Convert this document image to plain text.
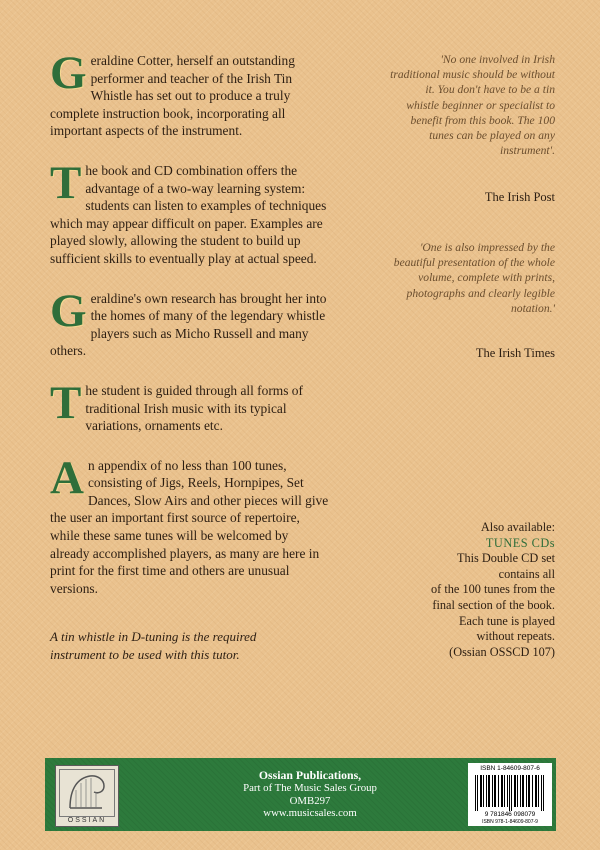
Geraldine Cotter, herself an outstanding performer and teacher of the Irish Tin Whistle has set out to produce a truly complete instruction book, incorporating all important aspects of the instrument.

The book and CD combination offers the advantage of a two-way learning system: students can listen to examples of techniques which may appear difficult on paper. Examples are played slowly, allowing the student to build up sufficient skills to eventually play at actual speed.

Geraldine's own research has brought her into the homes of many of the legendary whistle players such as Micho Russell and many others.

The student is guided through all forms of traditional Irish music with its typical variations, ornaments etc.

An appendix of no less than 100 tunes, consisting of Jigs, Reels, Hornpipes, Set Dances, Slow Airs and other pieces will give the user an important first source of repertoire, while these same tunes will be welcomed by already accomplished players, as many are here in print for the first time and others are unusual versions.

A tin whistle in D-tuning is the required instrument to be used with this tutor.
'No one involved in Irish traditional music should be without it. You don't have to be a tin whistle beginner or specialist to benefit from this book. The 100 tunes can be played on any instrument'.
The Irish Post
'One is also impressed by the beautiful presentation of the whole volume, complete with prints, photographs and clearly legible notation.'
The Irish Times
Also available:
TUNES CDs
This Double CD set
contains all
of the 100 tunes from the
final section of the book.
Each tune is played
without repeats.
(Ossian OSSCD 107)
OSSIAN
Ossian Publications,
Part of The Music Sales Group
OMB297
www.musicsales.com
ISBN 1-84609-807-6
9 781846 098079
ISBN 978-1-84609-807-9
